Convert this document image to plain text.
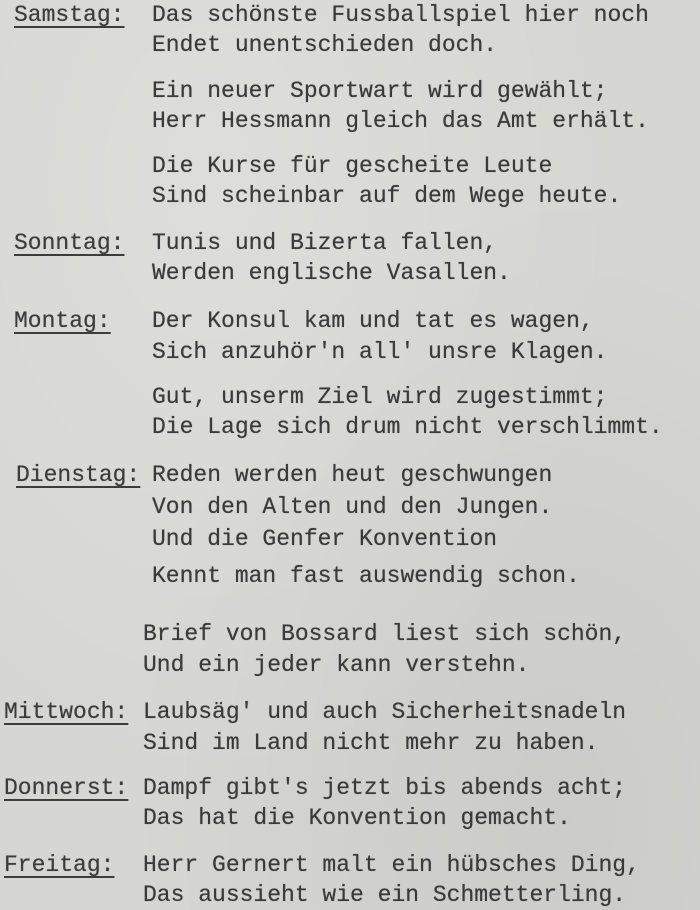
Samstag: Das schönste Fussballspiel hier noch
Endet unentschieden doch.
Ein neuer Sportwart wird gewählt;
Herr Hessmann gleich das Amt erhält.
Die Kurse für gescheite Leute
Sind scheinbar auf dem Wege heute.
Sonntag: Tunis und Bizerta fallen,
Werden englische Vasallen.
Montag: Der Konsul kam und tat es wagen,
Sich anzuhör'n all' unsre Klagen.
Gut, unserm Ziel wird zugestimmt;
Die Lage sich drum nicht verschlimmt.
Dienstag: Reden werden heut geschwungen
Von den Alten und den Jungen.
Und die Genfer Konvention
Kennt man fast auswendig schon.
Brief von Bossard liest sich schön,
Und ein jeder kann verstehn.
Mittwoch: Laubsäg' und auch Sicherheitsnadeln
Sind im Land nicht mehr zu haben.
Donnerst: Dampf gibt's jetzt bis abends acht;
Das hat die Konvention gemacht.
Freitag: Herr Gernert malt ein hübsches Ding,
Das aussieht wie ein Schmetterling.
